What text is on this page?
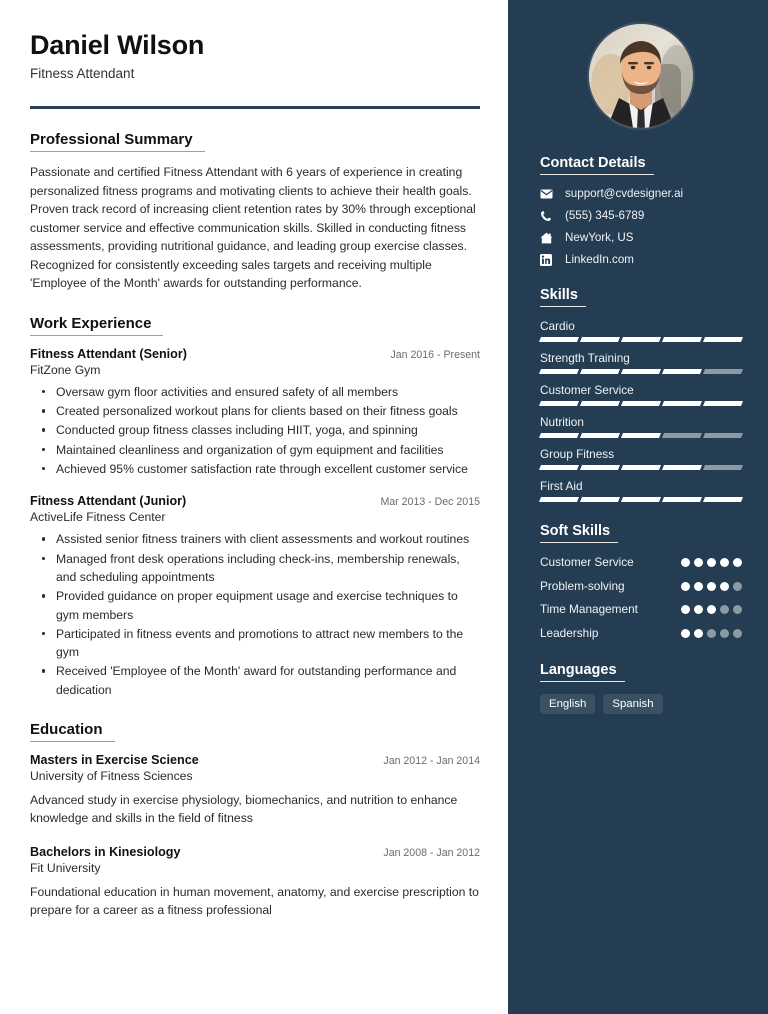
Daniel Wilson
Fitness Attendant
Professional Summary
Passionate and certified Fitness Attendant with 6 years of experience in creating personalized fitness programs and motivating clients to achieve their health goals. Proven track record of increasing client retention rates by 30% through exceptional customer service and effective communication skills. Skilled in conducting fitness assessments, providing nutritional guidance, and leading group exercise classes. Recognized for consistently exceeding sales targets and receiving multiple 'Employee of the Month' awards for outstanding performance.
Work Experience
Fitness Attendant (Senior)	Jan 2016 - Present
FitZone Gym
Oversaw gym floor activities and ensured safety of all members
Created personalized workout plans for clients based on their fitness goals
Conducted group fitness classes including HIIT, yoga, and spinning
Maintained cleanliness and organization of gym equipment and facilities
Achieved 95% customer satisfaction rate through excellent customer service
Fitness Attendant (Junior)	Mar 2013 - Dec 2015
ActiveLife Fitness Center
Assisted senior fitness trainers with client assessments and workout routines
Managed front desk operations including check-ins, membership renewals, and scheduling appointments
Provided guidance on proper equipment usage and exercise techniques to gym members
Participated in fitness events and promotions to attract new members to the gym
Received 'Employee of the Month' award for outstanding performance and dedication
Education
Masters in Exercise Science	Jan 2012 - Jan 2014
University of Fitness Sciences
Advanced study in exercise physiology, biomechanics, and nutrition to enhance knowledge and skills in the field of fitness
Bachelors in Kinesiology	Jan 2008 - Jan 2012
Fit University
Foundational education in human movement, anatomy, and exercise prescription to prepare for a career as a fitness professional
Contact Details
support@cvdesigner.ai
(555) 345-6789
NewYork, US
LinkedIn.com
Skills
Cardio
Strength Training
Customer Service
Nutrition
Group Fitness
First Aid
Soft Skills
Customer Service
Problem-solving
Time Management
Leadership
Languages
English	Spanish
